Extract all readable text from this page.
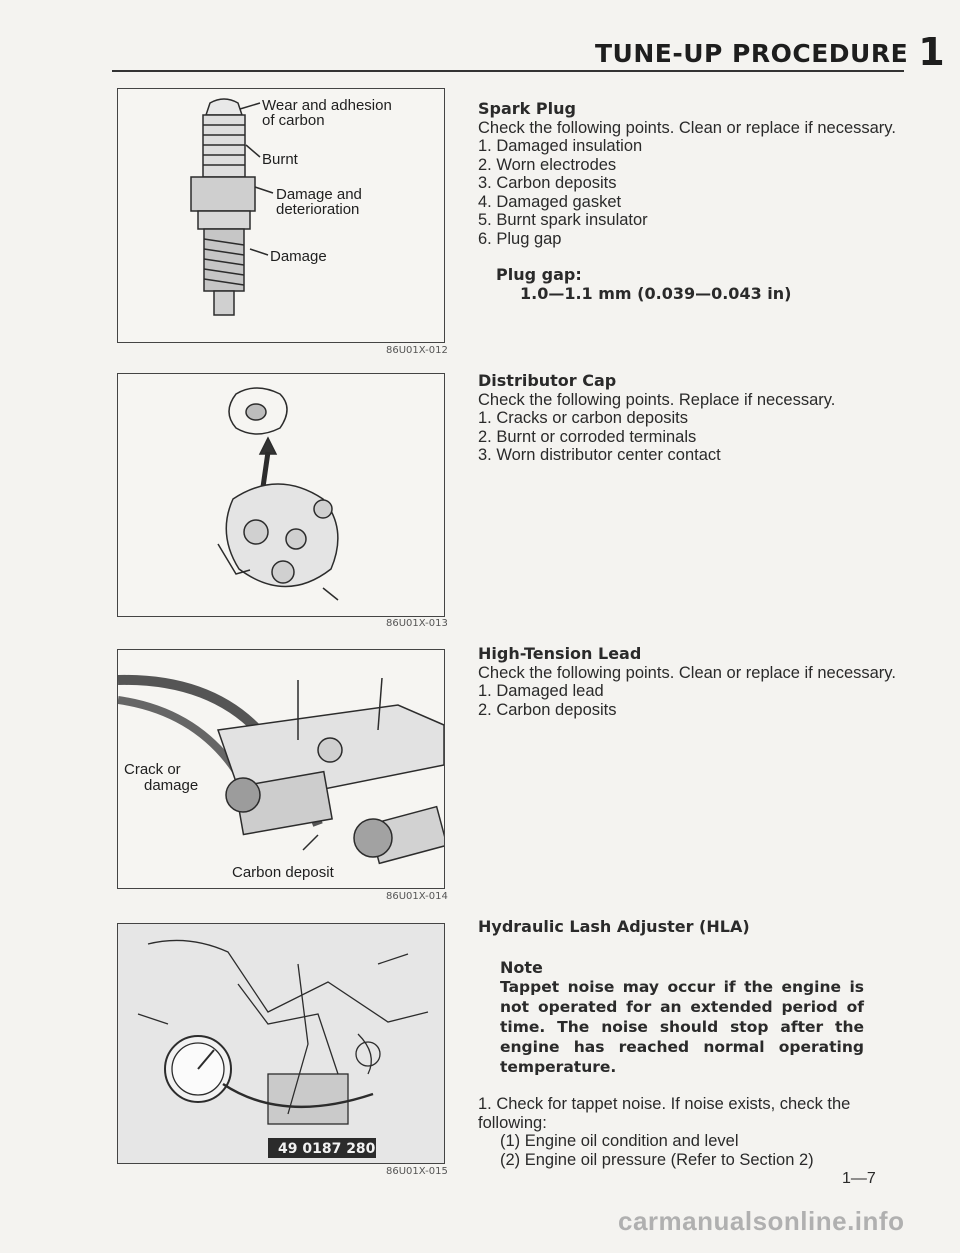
TUNE-UP PROCEDURE 1
Wear and adhesion
of carbon
Burnt
Damage and
deterioration
Damage
86U01X-012
86U01X-013
Crack or
damage
Carbon deposit
86U01X-014
49 0187 280
86U01X-015
Spark Plug
Check the following points. Clean or replace if necessary.
1. Damaged insulation
2. Worn electrodes
3. Carbon deposits
4. Damaged gasket
5. Burnt spark insulator
6. Plug gap
Plug gap:
1.0—1.1 mm (0.039—0.043 in)
Distributor Cap
Check the following points. Replace if necessary.
1. Cracks or carbon deposits
2. Burnt or corroded terminals
3. Worn distributor center contact
High-Tension Lead
Check the following points. Clean or replace if necessary.
1. Damaged lead
2. Carbon deposits
Hydraulic Lash Adjuster (HLA)
Note
Tappet noise may occur if the engine is not operated for an extended period of time. The noise should stop after the engine has reached normal operating temperature.
1. Check for tappet noise. If noise exists, check the following:
(1) Engine oil condition and level
(2) Engine oil pressure (Refer to Section 2)
1—7
carmanualsonline.info
